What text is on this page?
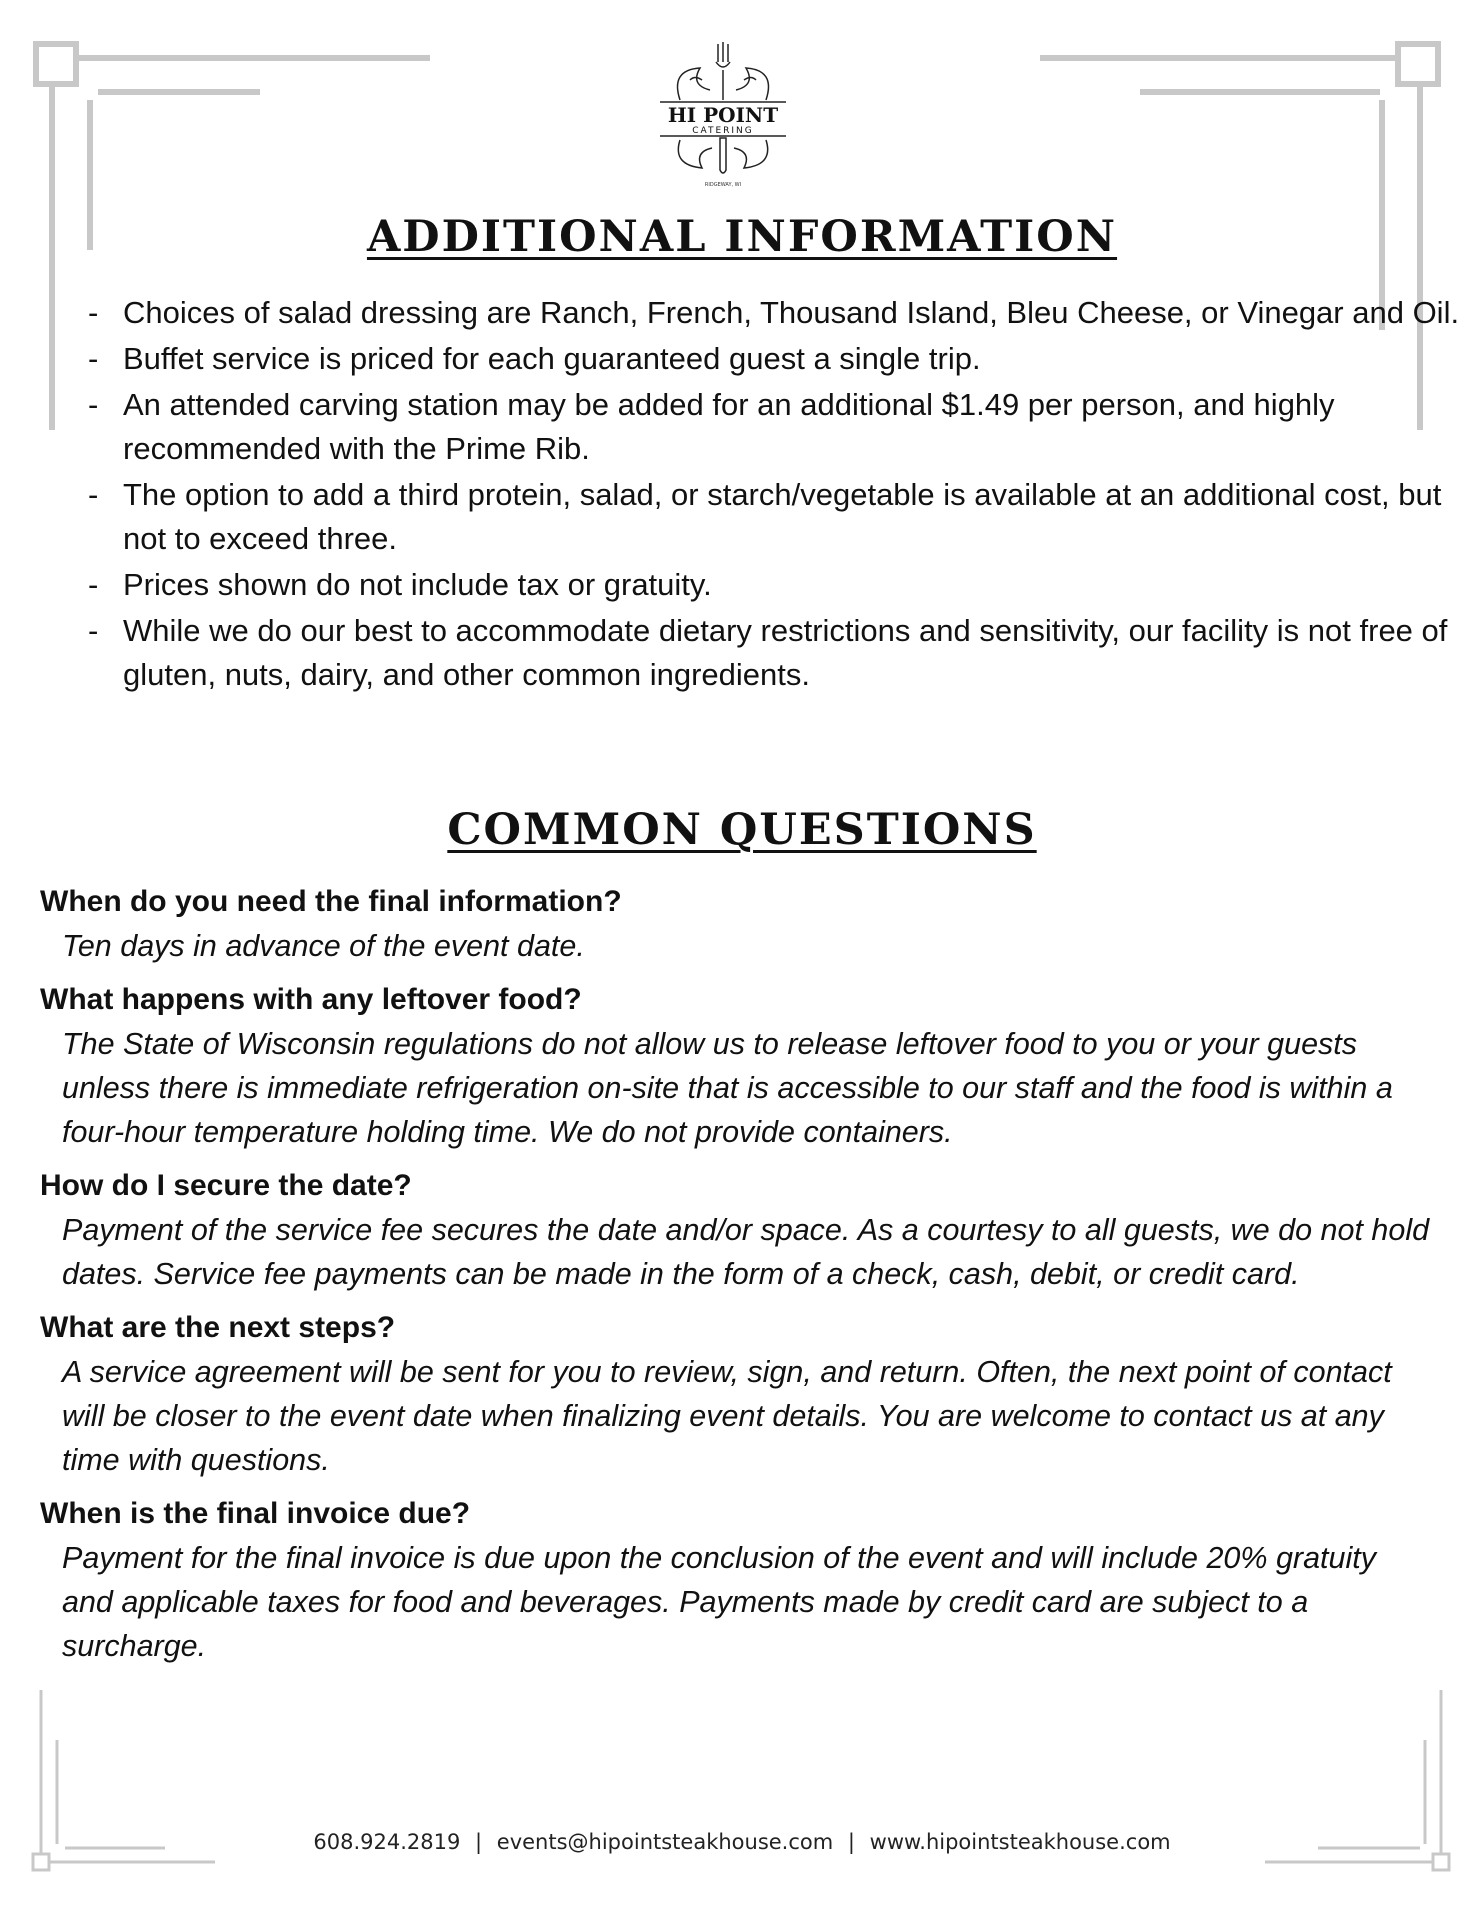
HI POINT
CATERING
RIDGEWAY, WI
ADDITIONAL INFORMATION
- Choices of salad dressing are Ranch, French, Thousand Island, Bleu Cheese, or Vinegar and Oil.
- Buffet service is priced for each guaranteed guest a single trip.
- An attended carving station may be added for an additional $1.49 per person, and highly recommended with the Prime Rib.
- The option to add a third protein, salad, or starch/vegetable is available at an additional cost, but not to exceed three.
- Prices shown do not include tax or gratuity.
- While we do our best to accommodate dietary restrictions and sensitivity, our facility is not free of gluten, nuts, dairy, and other common ingredients.
COMMON QUESTIONS

When do you need the final information?

Ten days in advance of the event date.

What happens with any leftover food?

The State of Wisconsin regulations do not allow us to release leftover food to you or your guests unless there is immediate refrigeration on-site that is accessible to our staff and the food is within a four-hour temperature holding time. We do not provide containers.

How do I secure the date?

Payment of the service fee secures the date and/or space. As a courtesy to all guests, we do not hold dates. Service fee payments can be made in the form of a check, cash, debit, or credit card.

What are the next steps?

A service agreement will be sent for you to review, sign, and return. Often, the next point of contact will be closer to the event date when finalizing event details. You are welcome to contact us at any time with questions.

When is the final invoice due?

Payment for the final invoice is due upon the conclusion of the event and will include 20% gratuity and applicable taxes for food and beverages. Payments made by credit card are subject to a surcharge.

608.924.2819 | events@hipointsteakhouse.com | www.hipointsteakhouse.com
